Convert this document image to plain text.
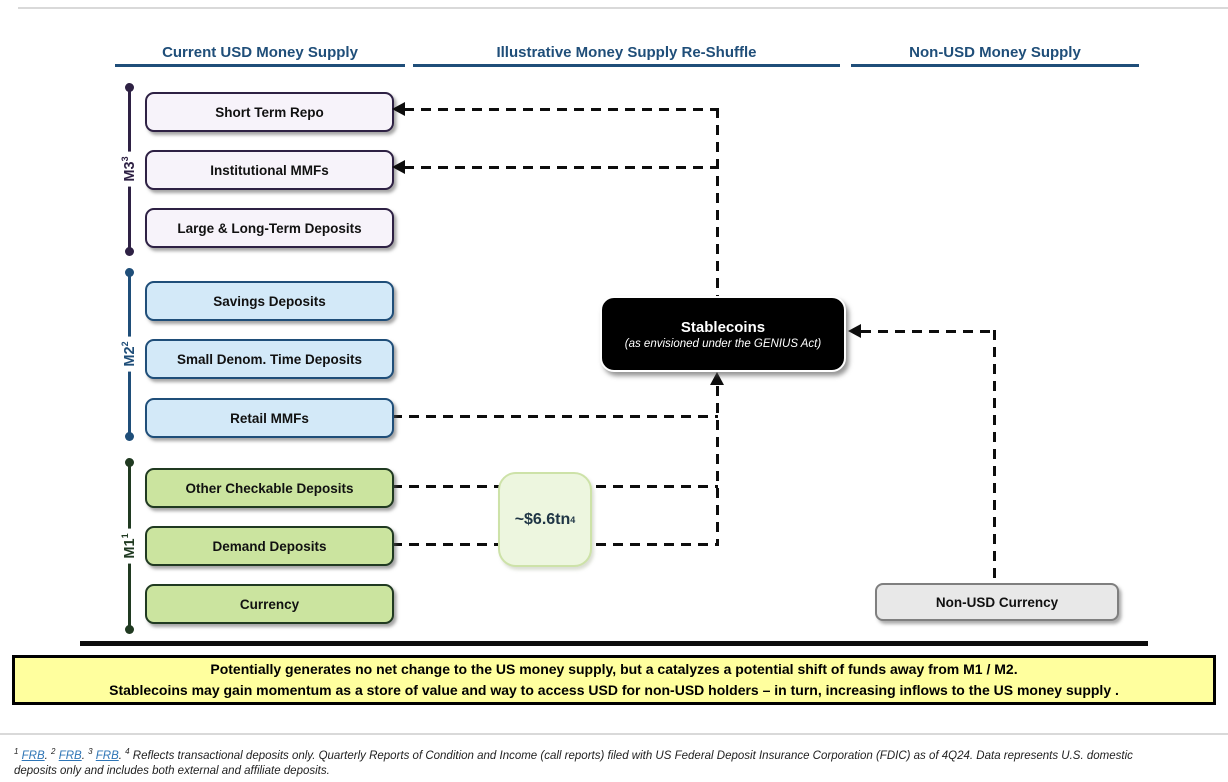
Current USD Money Supply	Illustrative Money Supply Re-Shuffle	Non-USD Money Supply
$M3^3$
$M2^2$
$M1^1$
Short Term Repo
Institutional MMFs
Large & Long-Term Deposits
Savings Deposits
Small Denom. Time Deposits
Retail MMFs
Other Checkable Deposits
Demand Deposits
Currency
Stablecoins
(as envisioned under the GENIUS Act)
~$6.6tn 4
Non-USD Currency
Potentially generates no net change to the US money supply, but a catalyzes a potential shift of funds away from M1 / M2.
Stablecoins may gain momentum as a store of value and way to access USD for non-USD holders – in turn, increasing inflows to the US money supply .
$^1$ FRB. $^2$ FRB. $^3$ FRB. $^4$ Reflects transactional deposits only. Quarterly Reports of Condition and Income (call reports) filed with US Federal Deposit Insurance Corporation (FDIC) as of 4Q24. Data represents U.S. domestic deposits only and includes both external and affiliate deposits.
